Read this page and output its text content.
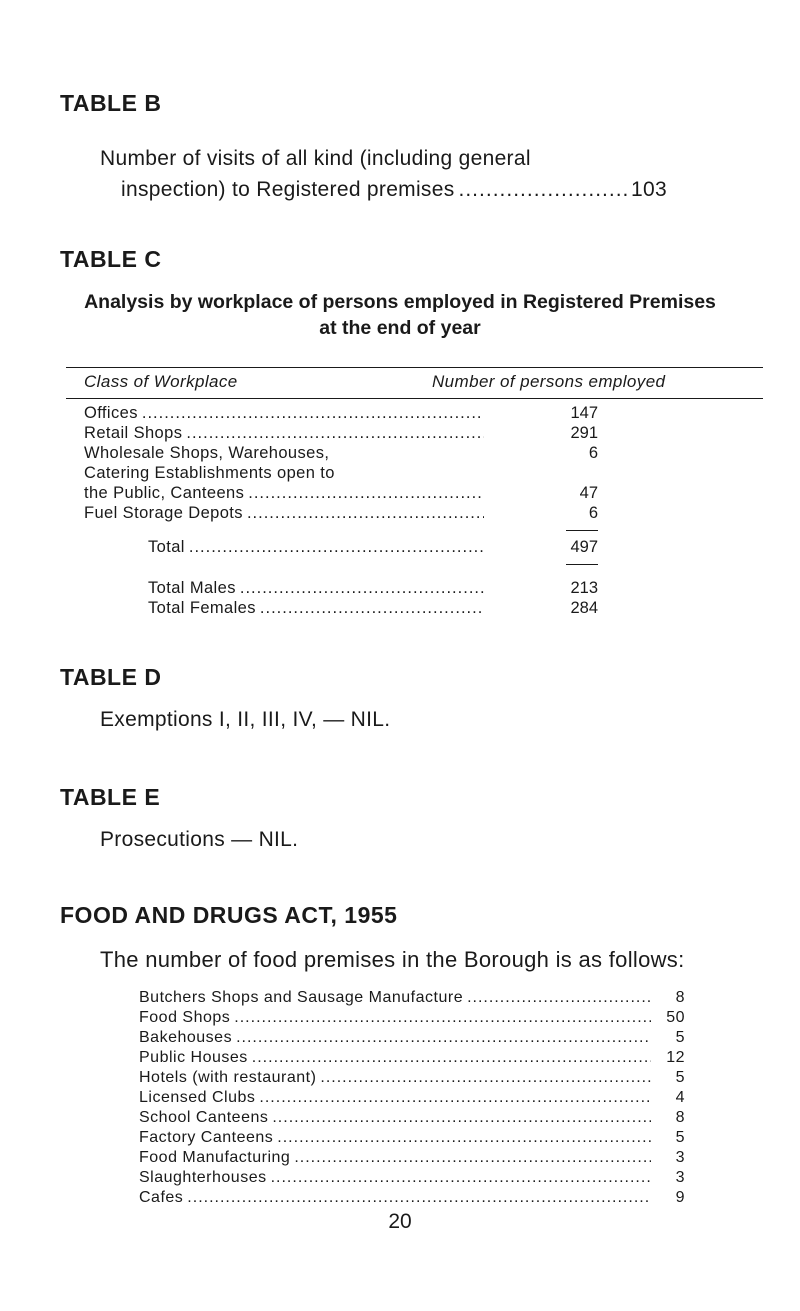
TABLE B
Number of visits of all kind (including general
inspection) to Registered premises .....	103
TABLE C
Analysis by workplace of persons employed in Registered Premises
at the end of year
Class of Workplace	Number of persons employed
Offices .....	147
Retail Shops .....	291
Wholesale Shops, Warehouses,	6
Catering Establishments open to
the Public, Canteens .....	47
Fuel Storage Depots .....	6
Total .....	497
Total Males .....	213
Total Females .....	284
TABLE D
Exemptions I, II, III, IV, — NIL.
TABLE E
Prosecutions — NIL.
FOOD AND DRUGS ACT, 1955
The number of food premises in the Borough is as follows:
Butchers Shops and Sausage Manufacture .....	8
Food Shops .....	50
Bakehouses .....	5
Public Houses .....	12
Hotels (with restaurant) .....	5
Licensed Clubs .....	4
School Canteens .....	8
Factory Canteens .....	5
Food Manufacturing .....	3
Slaughterhouses .....	3
Cafes .....	9
20
